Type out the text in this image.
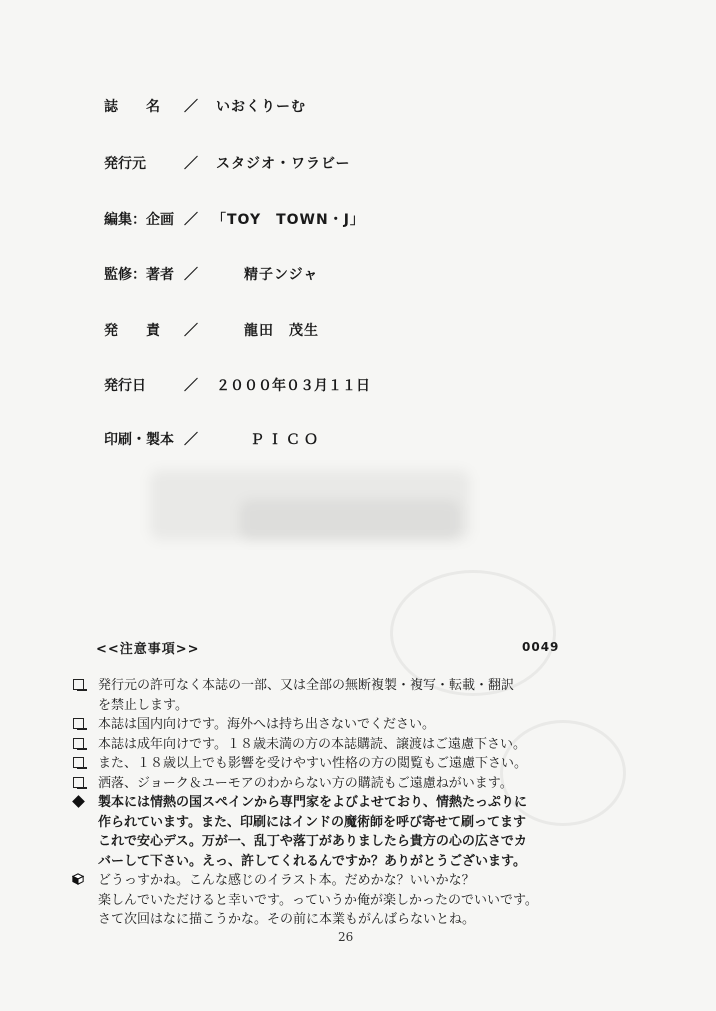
誌　　名 ／ いおくりーむ
発行元	／ スタジオ・ワラビー
編集：企画 ／ 「TOY　TOWN・J」
監修：著者 ／	精子ンジャ
発　　責 ／	龍田　茂生
発行日	／ ２０００年０３月１１日
印刷・製本 ／	ＰＩＣＯ
<<注意事項>>	0049
発行元の許可なく本誌の一部、又は全部の無断複製・複写・転載・翻訳
を禁止します。
本誌は国内向けです。海外へは持ち出さないでください。
本誌は成年向けです。１８歳未満の方の本誌購読、譲渡はご遠慮下さい。
また、１８歳以上でも影響を受けやすい性格の方の閲覧もご遠慮下さい。
洒落、ジョーク＆ユーモアのわからない方の購読もご遠慮ねがいます。
製本には情熱の国スペインから専門家をよびよせており、情熱たっぷりに
作られています。また、印刷にはインドの魔術師を呼び寄せて刷ってます
これで安心デス。万が一、乱丁や落丁がありましたら貴方の心の広さでカ
バーして下さい。えっ、許してくれるんですか？ありがとうございます。
どうっすかね。こんな感じのイラスト本。だめかな？いいかな？
楽しんでいただけると幸いです。っていうか俺が楽しかったのでいいです。
さて次回はなに描こうかな。その前に本業もがんばらないとね。
26
